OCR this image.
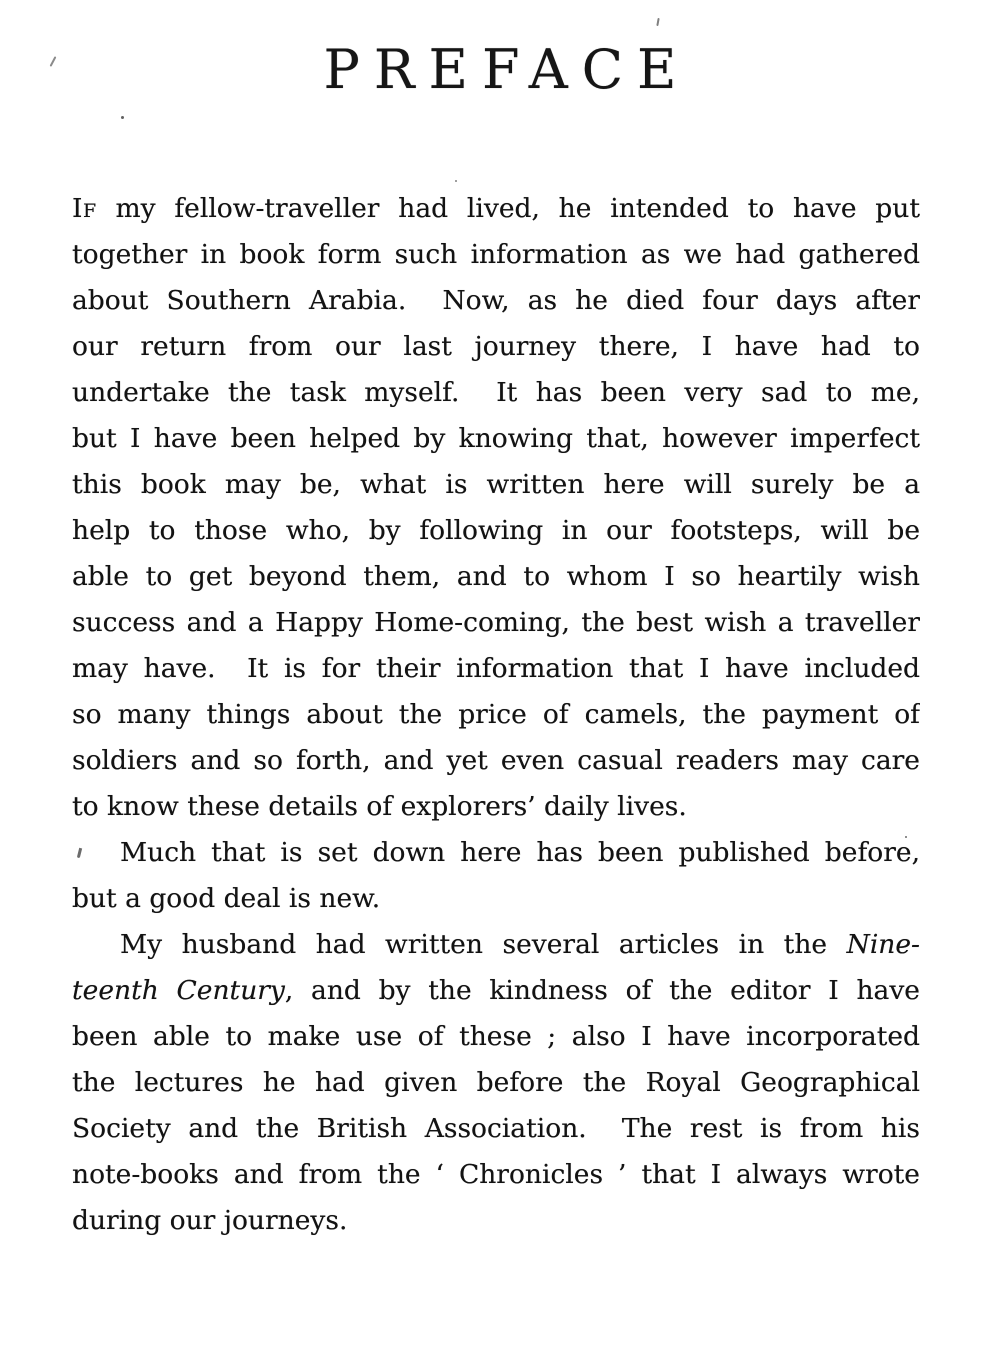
PREFACE

If my fellow-traveller had lived, he intended to have put

together in book form such information as we had gathered

about Southern Arabia.  Now, as he died four days after

our return from our last journey there, I have had to

undertake the task myself.  It has been very sad to me,

but I have been helped by knowing that, however imperfect

this book may be, what is written here will surely be a

help to those who, by following in our footsteps, will be

able to get beyond them, and to whom I so heartily wish

success and a Happy Home-coming, the best wish a traveller

may have.  It is for their information that I have included

so many things about the price of camels, the payment of

soldiers and so forth, and yet even casual readers may care

to know these details of explorers’ daily lives.

Much that is set down here has been published before,

but a good deal is new.

My husband had written several articles in the Nine-

teenth Century, and by the kindness of the editor I have

been able to make use of these ; also I have incorporated

the lectures he had given before the Royal Geographical

Society and the British Association.  The rest is from his

note-books and from the ‘ Chronicles ’ that I always wrote

during our journeys.
